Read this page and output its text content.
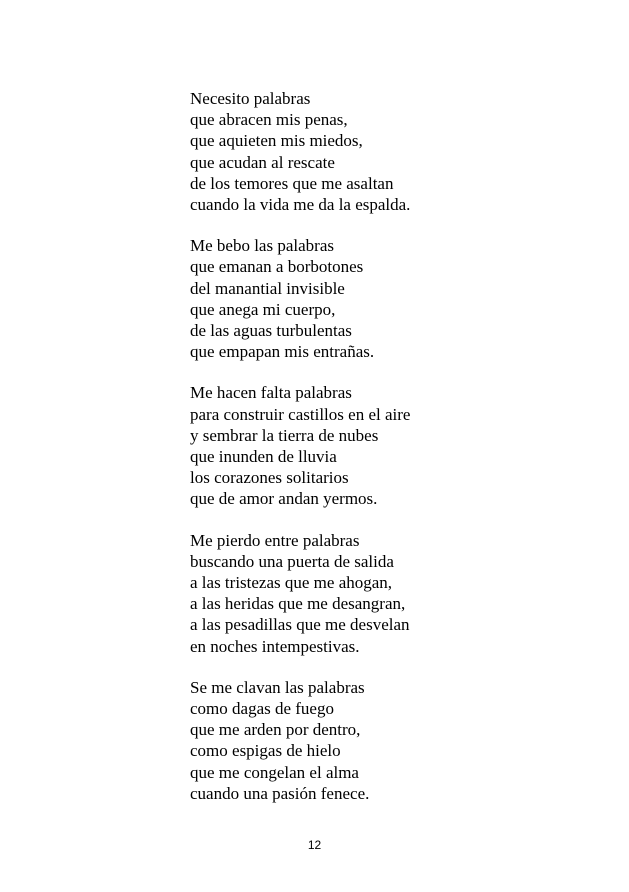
Necesito palabras
que abracen mis penas,
que aquieten mis miedos,
que acudan al rescate
de los temores que me asaltan
cuando la vida me da la espalda.
Me bebo las palabras
que emanan a borbotones
del manantial invisible
que anega mi cuerpo,
de las aguas turbulentas
que empapan mis entrañas.
Me hacen falta palabras
para construir castillos en el aire
y sembrar la tierra de nubes
que inunden de lluvia
los corazones solitarios
que de amor andan yermos.
Me pierdo entre palabras
buscando una puerta de salida
a las tristezas que me ahogan,
a las heridas que me desangran,
a las pesadillas que me desvelan
en noches intempestivas.
Se me clavan las palabras
como dagas de fuego
que me arden por dentro,
como espigas de hielo
que me congelan el alma
cuando una pasión fenece.
12
